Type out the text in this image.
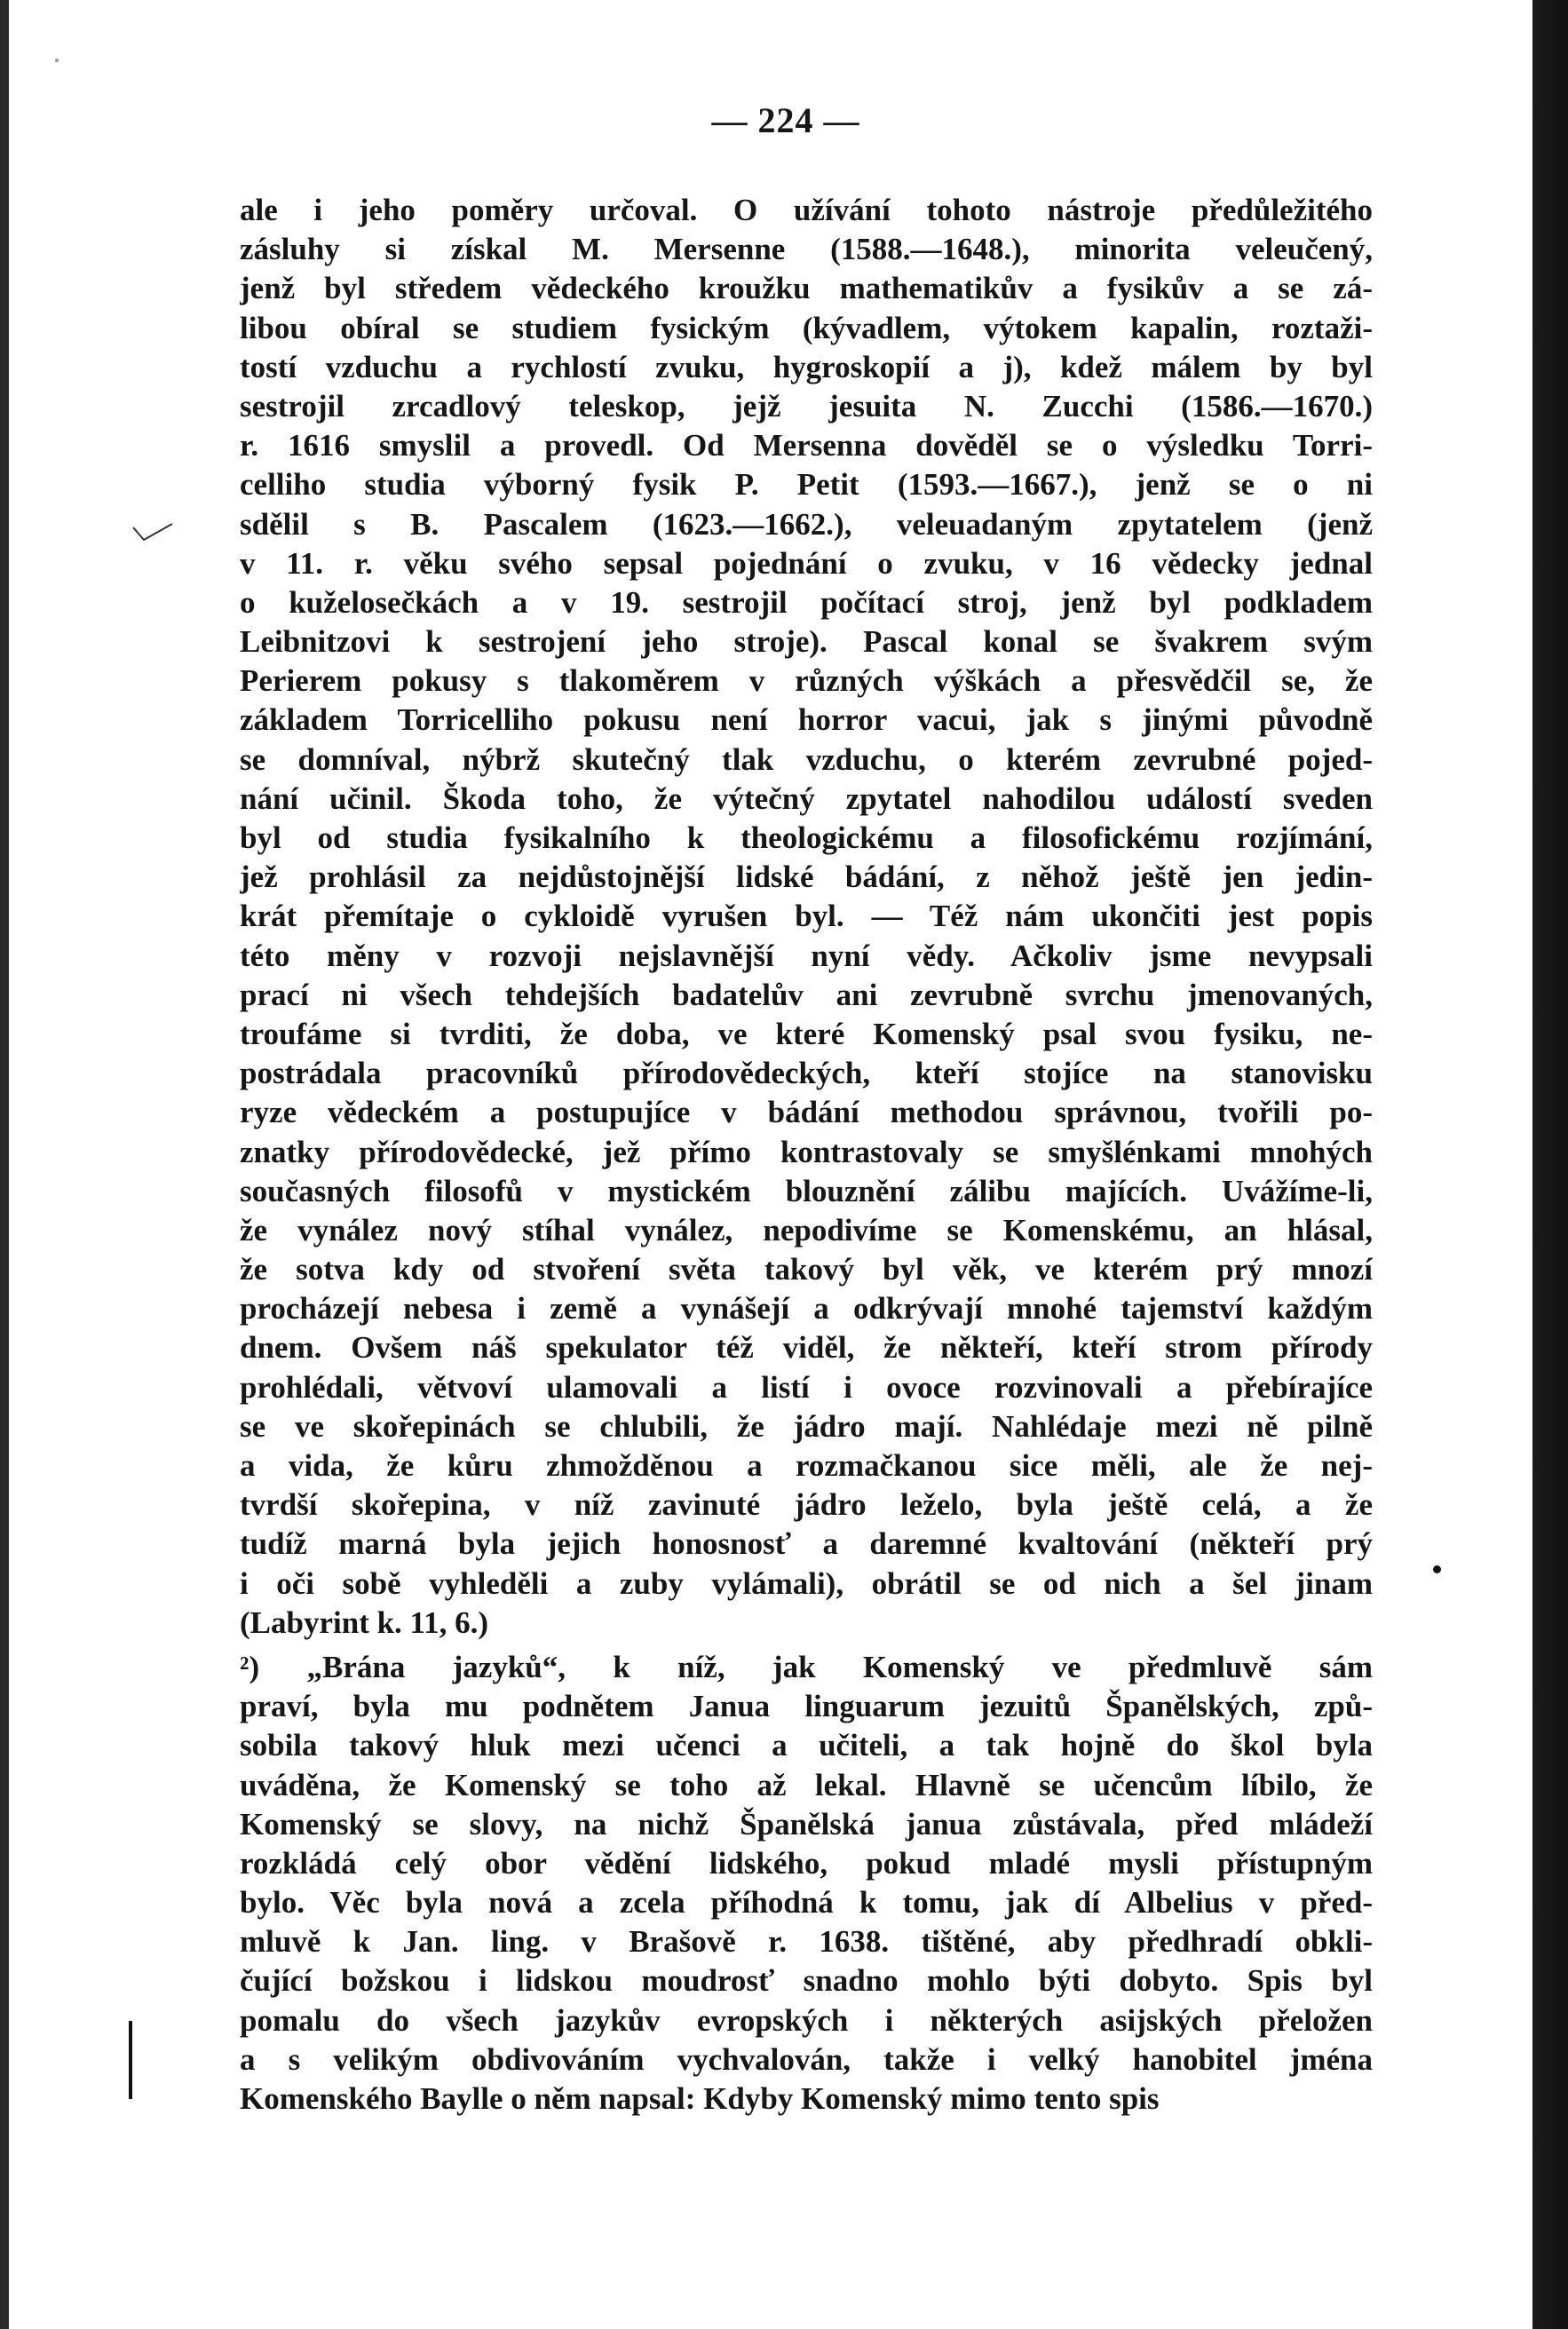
— 224 —
ale i jeho poměry určoval. O užívání tohoto nástroje předůležitého
zásluhy si získal M. Mersenne (1588.—1648.), minorita veleučený,
jenž byl středem vědeckého kroužku mathematikův a fysikův a se zá-
libou obíral se studiem fysickým (kývadlem, výtokem kapalin, roztaži-
tostí vzduchu a rychlostí zvuku, hygroskopií a j), kdež málem by byl
sestrojil zrcadlový teleskop, jejž jesuita N. Zucchi (1586.—1670.)
r. 1616 smyslil a provedl. Od Mersenna dověděl se o výsledku Torri-
celliho studia výborný fysik P. Petit (1593.—1667.), jenž se o ni
sdělil s B. Pascalem (1623.—1662.), veleuadaným zpytatelem (jenž
v 11. r. věku svého sepsal pojednání o zvuku, v 16 vědecky jednal
o kuželosečkách a v 19. sestrojil počítací stroj, jenž byl podkladem
Leibnitzovi k sestrojení jeho stroje). Pascal konal se švakrem svým
Perierem pokusy s tlakoměrem v různých výškách a přesvědčil se, že
základem Torricelliho pokusu není horror vacui, jak s jinými původně
se domníval, nýbrž skutečný tlak vzduchu, o kterém zevrubné pojed-
nání učinil. Škoda toho, že výtečný zpytatel nahodilou událostí sveden
byl od studia fysikalního k theologickému a filosofickému rozjímání,
jež prohlásil za nejdůstojnější lidské bádání, z něhož ještě jen jedin-
krát přemítaje o cykloidě vyrušen byl. — Též nám ukončiti jest popis
této měny v rozvoji nejslavnější nyní vědy. Ačkoliv jsme nevypsali
prací ni všech tehdejších badatelův ani zevrubně svrchu jmenovaných,
troufáme si tvrditi, že doba, ve které Komenský psal svou fysiku, ne-
postrádala pracovníků přírodovědeckých, kteří stojíce na stanovisku
ryze vědeckém a postupujíce v bádání methodou správnou, tvořili po-
znatky přírodovědecké, jež přímo kontrastovaly se smyšlénkami mnohých
současných filosofů v mystickém blouznění zálibu majících. Uvážíme-li,
že vynález nový stíhal vynález, nepodivíme se Komenskému, an hlásal,
že sotva kdy od stvoření světa takový byl věk, ve kterém prý mnozí
procházejí nebesa i země a vynášejí a odkrývají mnohé tajemství každým
dnem. Ovšem náš spekulator též viděl, že někteří, kteří strom přírody
prohlédali, větvoví ulamovali a listí i ovoce rozvinovali a přebírajíce
se ve skořepinách se chlubili, že jádro mají. Nahlédaje mezi ně pilně
a vida, že kůru zhmožděnou a rozmačkanou sice měli, ale že nej-
tvrdší skořepina, v níž zavinuté jádro leželo, byla ještě celá, a že
tudíž marná byla jejich honosnosť a daremné kvaltování (někteří prý
i oči sobě vyhleděli a zuby vylámali), obrátil se od nich a šel jinam
(Labyrint k. 11, 6.)
²) „Brána jazyků“, k níž, jak Komenský ve předmluvě sám
praví, byla mu podnětem Janua linguarum jezuitů Španělských, způ-
sobila takový hluk mezi učenci a učiteli, a tak hojně do škol byla
uváděna, že Komenský se toho až lekal. Hlavně se učencům líbilo, že
Komenský se slovy, na nichž Španělská janua zůstávala, před mládeží
rozkládá celý obor vědění lidského, pokud mladé mysli přístupným
bylo. Věc byla nová a zcela příhodná k tomu, jak dí Albelius v před-
mluvě k Jan. ling. v Brašově r. 1638. tištěné, aby předhradí obkli-
čující božskou i lidskou moudrosť snadno mohlo býti dobyto. Spis byl
pomalu do všech jazykův evropských i některých asijských přeložen
a s velikým obdivováním vychvalován, takže i velký hanobitel jména
Komenského Baylle o něm napsal: Kdyby Komenský mimo tento spis
